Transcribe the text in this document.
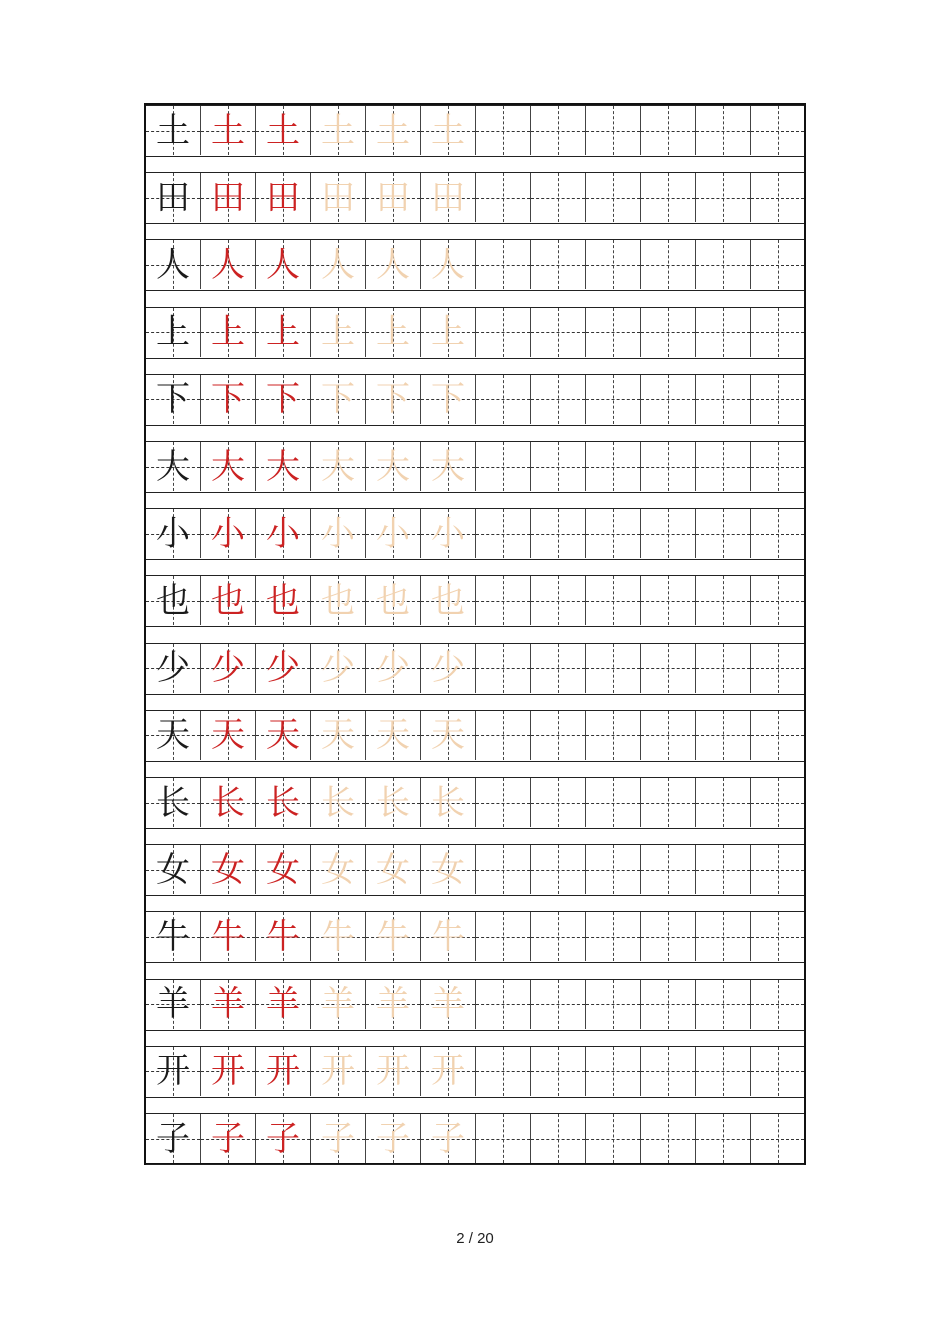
土 土 土 土 土 土
田 田 田 田 田 田
人 人 人 人 人 人
上 上 上 上 上 上
下 下 下 下 下 下
大 大 大 大 大 大
小 小 小 小 小 小
也 也 也 也 也 也
少 少 少 少 少 少
天 天 天 天 天 天
长 长 长 长 长 长
女 女 女 女 女 女
牛 牛 牛 牛 牛 牛
羊 羊 羊 羊 羊 羊
开 开 开 开 开 开
子 子 子 子 子 子
2 / 20
